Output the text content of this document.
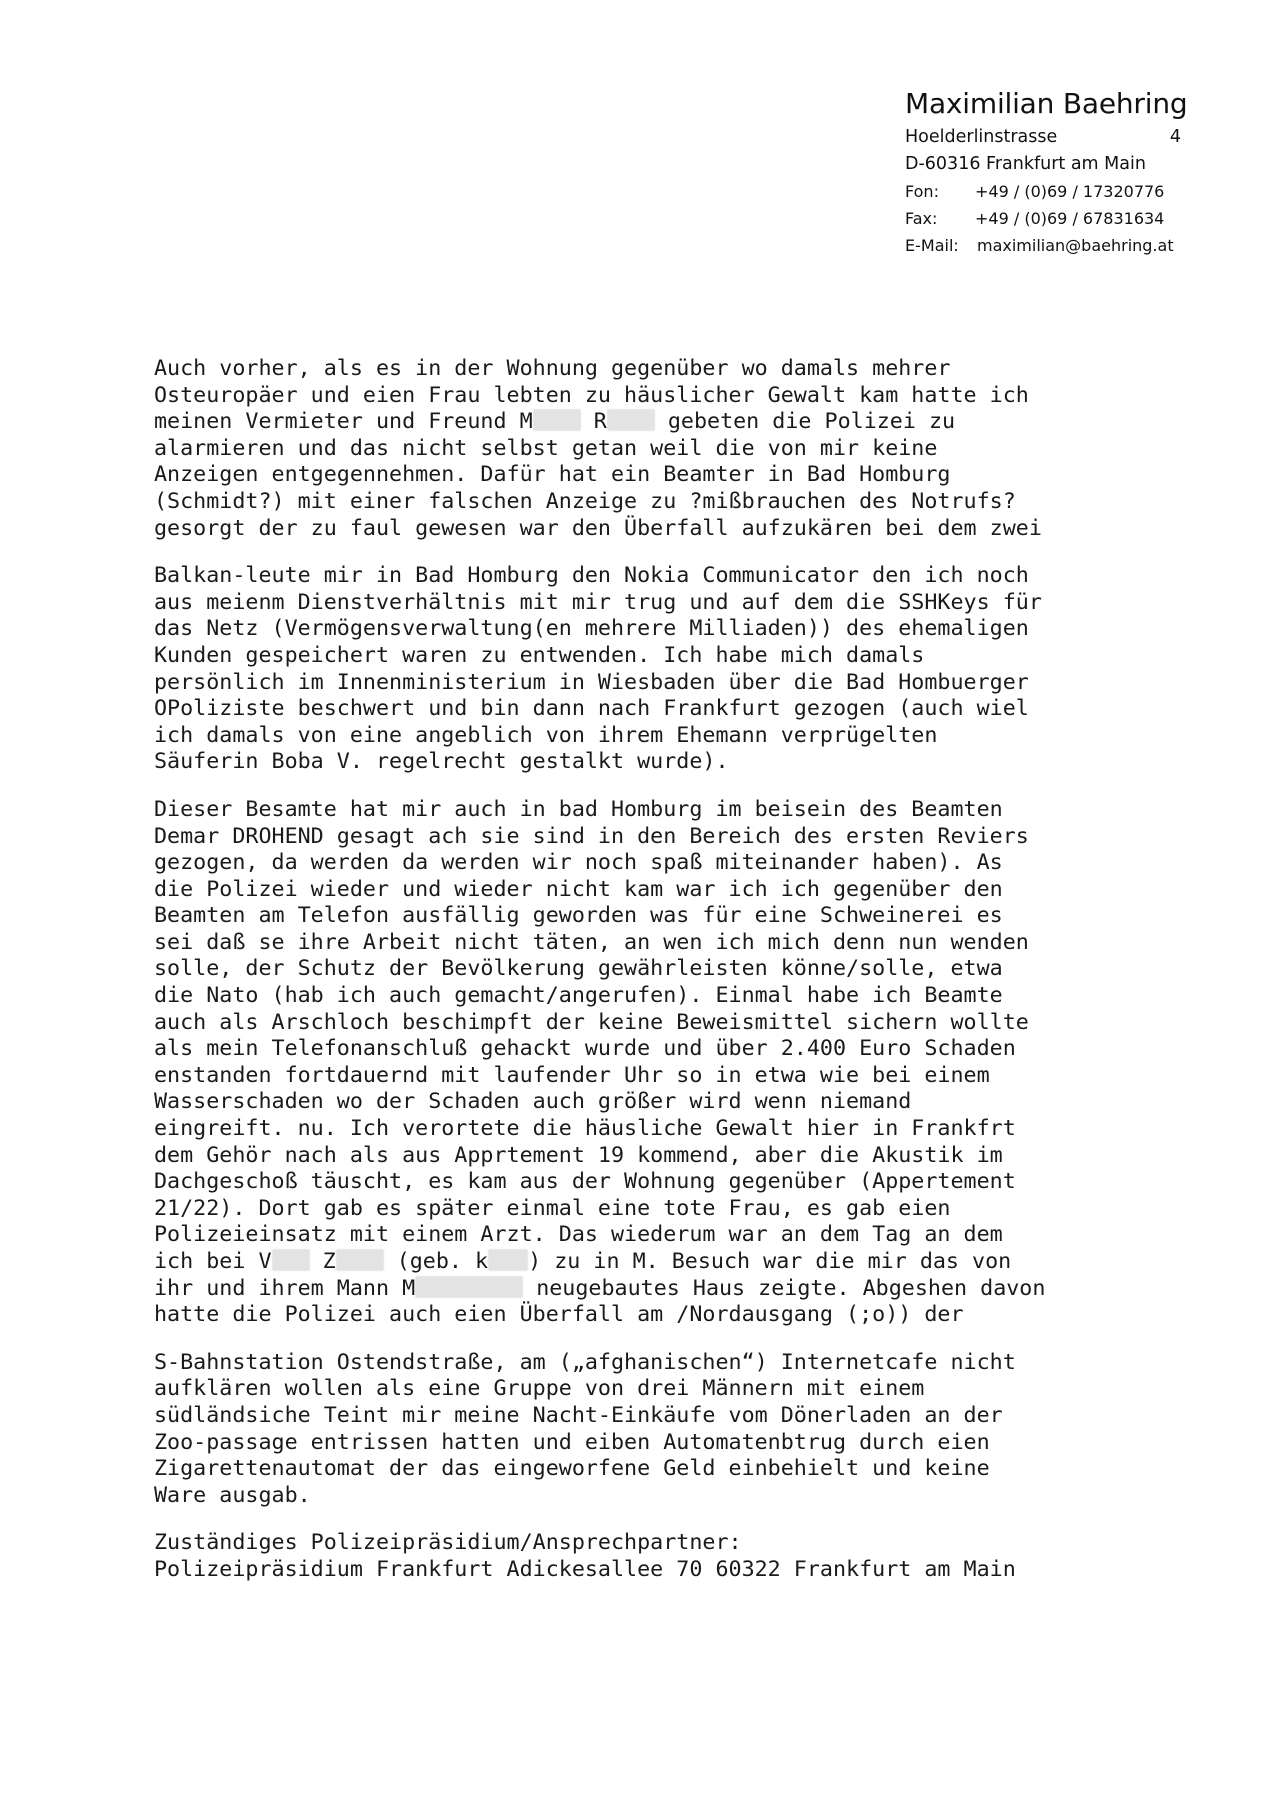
Maximilian Baehring
Hoelderlinstrasse	4
D-60316 Frankfurt am Main
Fon:	+49 / (0)69 / 17320776
Fax:	+49 / (0)69 / 67831634
E-Mail:	maximilian@baehring.at
Auch vorher, als es in der Wohnung gegenüber wo damals mehrer
Osteuropäer und eien Frau lebten zu häuslicher Gewalt kam hatte ich
meinen Vermieter und Freund M R gebeten die Polizei zu
alarmieren und das nicht selbst getan weil die von mir keine
Anzeigen entgegennehmen. Dafür hat ein Beamter in Bad Homburg
(Schmidt?) mit einer falschen Anzeige zu ?mißbrauchen des Notrufs?
gesorgt der zu faul gewesen war den Überfall aufzukären bei dem zwei
Balkan-leute mir in Bad Homburg den Nokia Communicator den ich noch
aus meienm Dienstverhältnis mit mir trug und auf dem die SSHKeys für
das Netz (Vermögensverwaltung(en mehrere Milliaden)) des ehemaligen
Kunden gespeichert waren zu entwenden. Ich habe mich damals
persönlich im Innenministerium in Wiesbaden über die Bad Hombuerger
OPoliziste beschwert und bin dann nach Frankfurt gezogen (auch wiel
ich damals von eine angeblich von ihrem Ehemann verprügelten
Säuferin Boba V. regelrecht gestalkt wurde).
Dieser Besamte hat mir auch in bad Homburg im beisein des Beamten
Demar DROHEND gesagt ach sie sind in den Bereich des ersten Reviers
gezogen, da werden da werden wir noch spaß miteinander haben). As
die Polizei wieder und wieder nicht kam war ich ich gegenüber den
Beamten am Telefon ausfällig geworden was für eine Schweinerei es
sei daß se ihre Arbeit nicht täten, an wen ich mich denn nun wenden
solle, der Schutz der Bevölkerung gewährleisten könne/solle, etwa
die Nato (hab ich auch gemacht/angerufen). Einmal habe ich Beamte
auch als Arschloch beschimpft der keine Beweismittel sichern wollte
als mein Telefonanschluß gehackt wurde und über 2.400 Euro Schaden
enstanden fortdauernd mit laufender Uhr so in etwa wie bei einem
Wasserschaden wo der Schaden auch größer wird wenn niemand
eingreift. nu. Ich verortete die häusliche Gewalt hier in Frankfrt
dem Gehör nach als aus Apprtement 19 kommend, aber die Akustik im
Dachgeschoß täuscht, es kam aus der Wohnung gegenüber (Appertement
21/22). Dort gab es später einmal eine tote Frau, es gab eien
Polizeieinsatz mit einem Arzt. Das wiederum war an dem Tag an dem
ich bei V Z (geb. k ) zu in M. Besuch war die mir das von
ihr und ihrem Mann M	neugebautes Haus zeigte. Abgeshen davon
hatte die Polizei auch eien Überfall am /Nordausgang (;o)) der
S-Bahnstation Ostendstraße, am („afghanischen“) Internetcafe nicht
aufklären wollen als eine Gruppe von drei Männern mit einem
südländsiche Teint mir meine Nacht-Einkäufe vom Dönerladen an der
Zoo-passage entrissen hatten und eiben Automatenbtrug durch eien
Zigarettenautomat der das eingeworfene Geld einbehielt und keine
Ware ausgab.
Zuständiges Polizeipräsidium/Ansprechpartner:
Polizeipräsidium Frankfurt Adickesallee 70 60322 Frankfurt am Main
